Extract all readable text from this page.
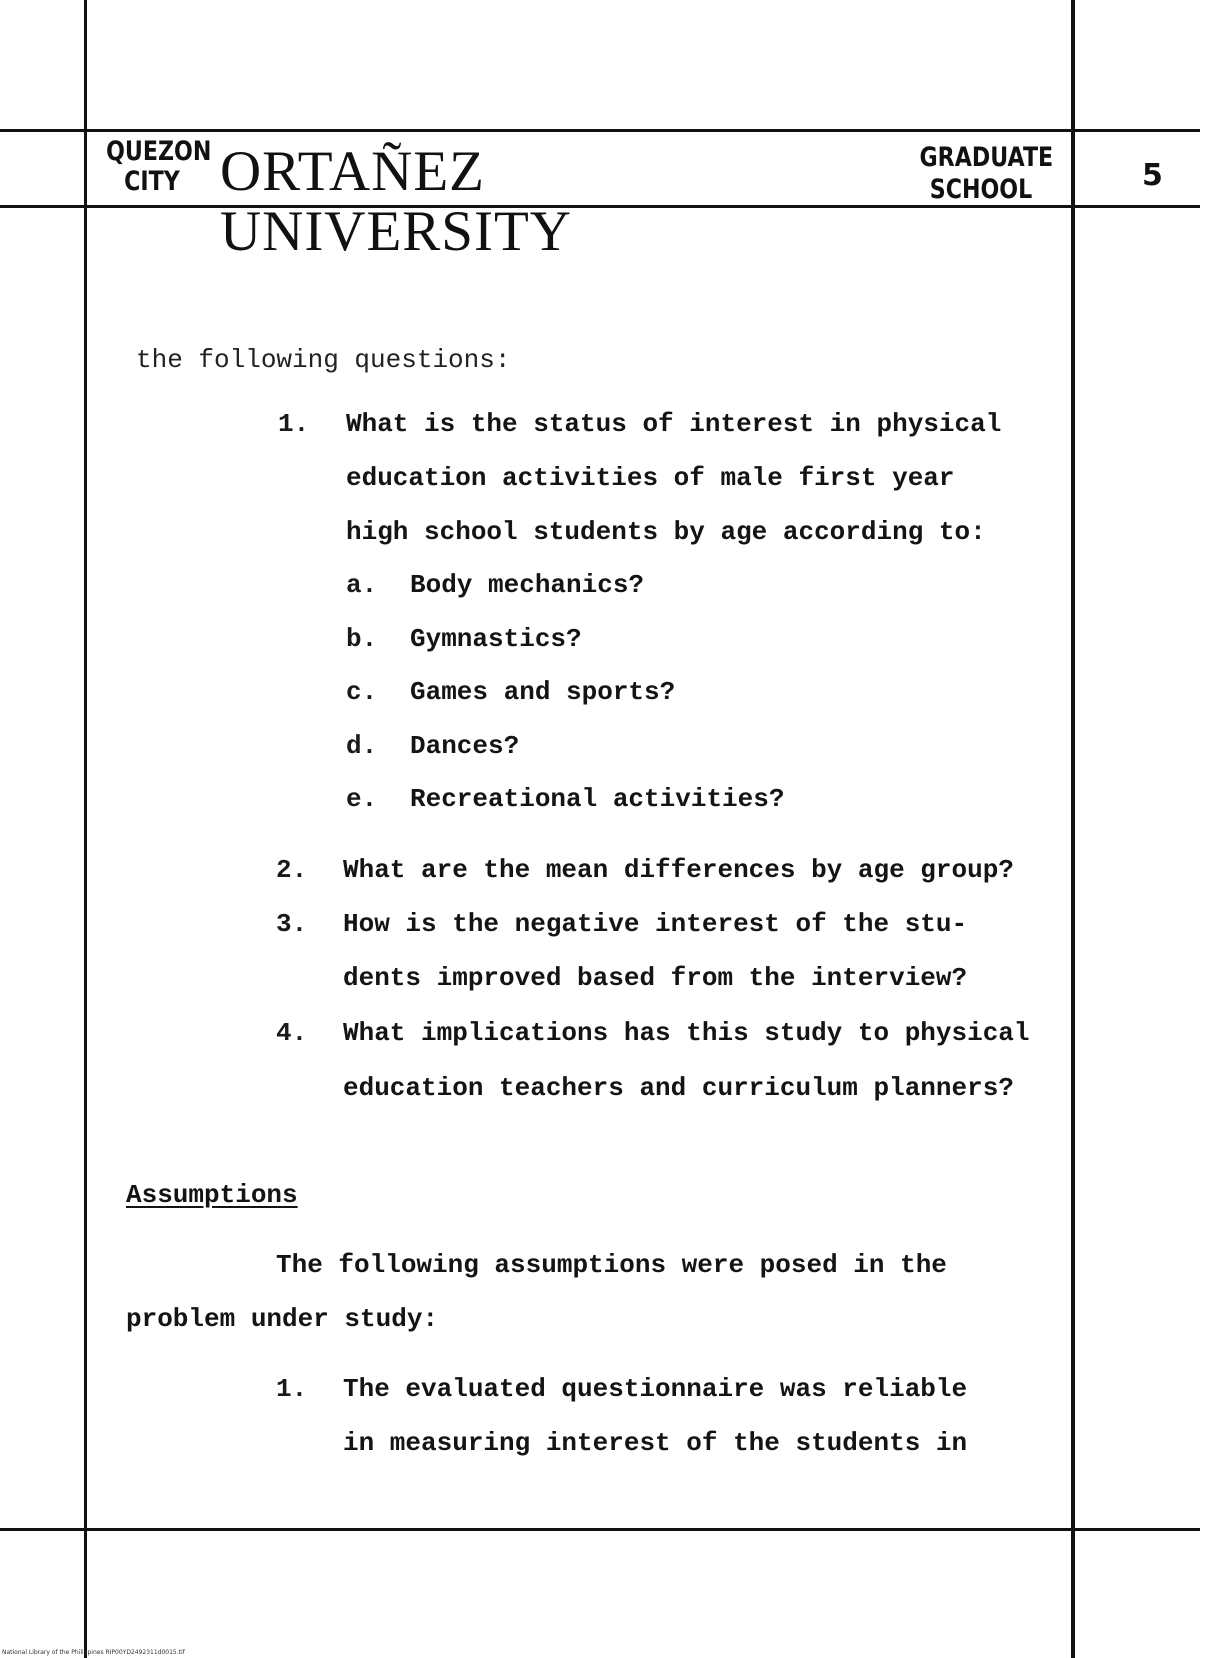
QUEZON
CITY ORTAÑEZ UNIVERSITY
GRADUATE
SCHOOL	5
the following questions:
1. What is the status of interest in physical
education activities of male first year
high school students by age according to:
a. Body mechanics?
b. Gymnastics?
c. Games and sports?
d. Dances?
e. Recreational activities?
2. What are the mean differences by age group?
3. How is the negative interest of the stu-
dents improved based from the interview?
4. What implications has this study to physical
education teachers and curriculum planners?
Assumptions
The following assumptions were posed in the
problem under study:
1. The evaluated questionnaire was reliable
in measuring interest of the students in
National Library of the Philippines RIP00YD2492311d0015.tif
